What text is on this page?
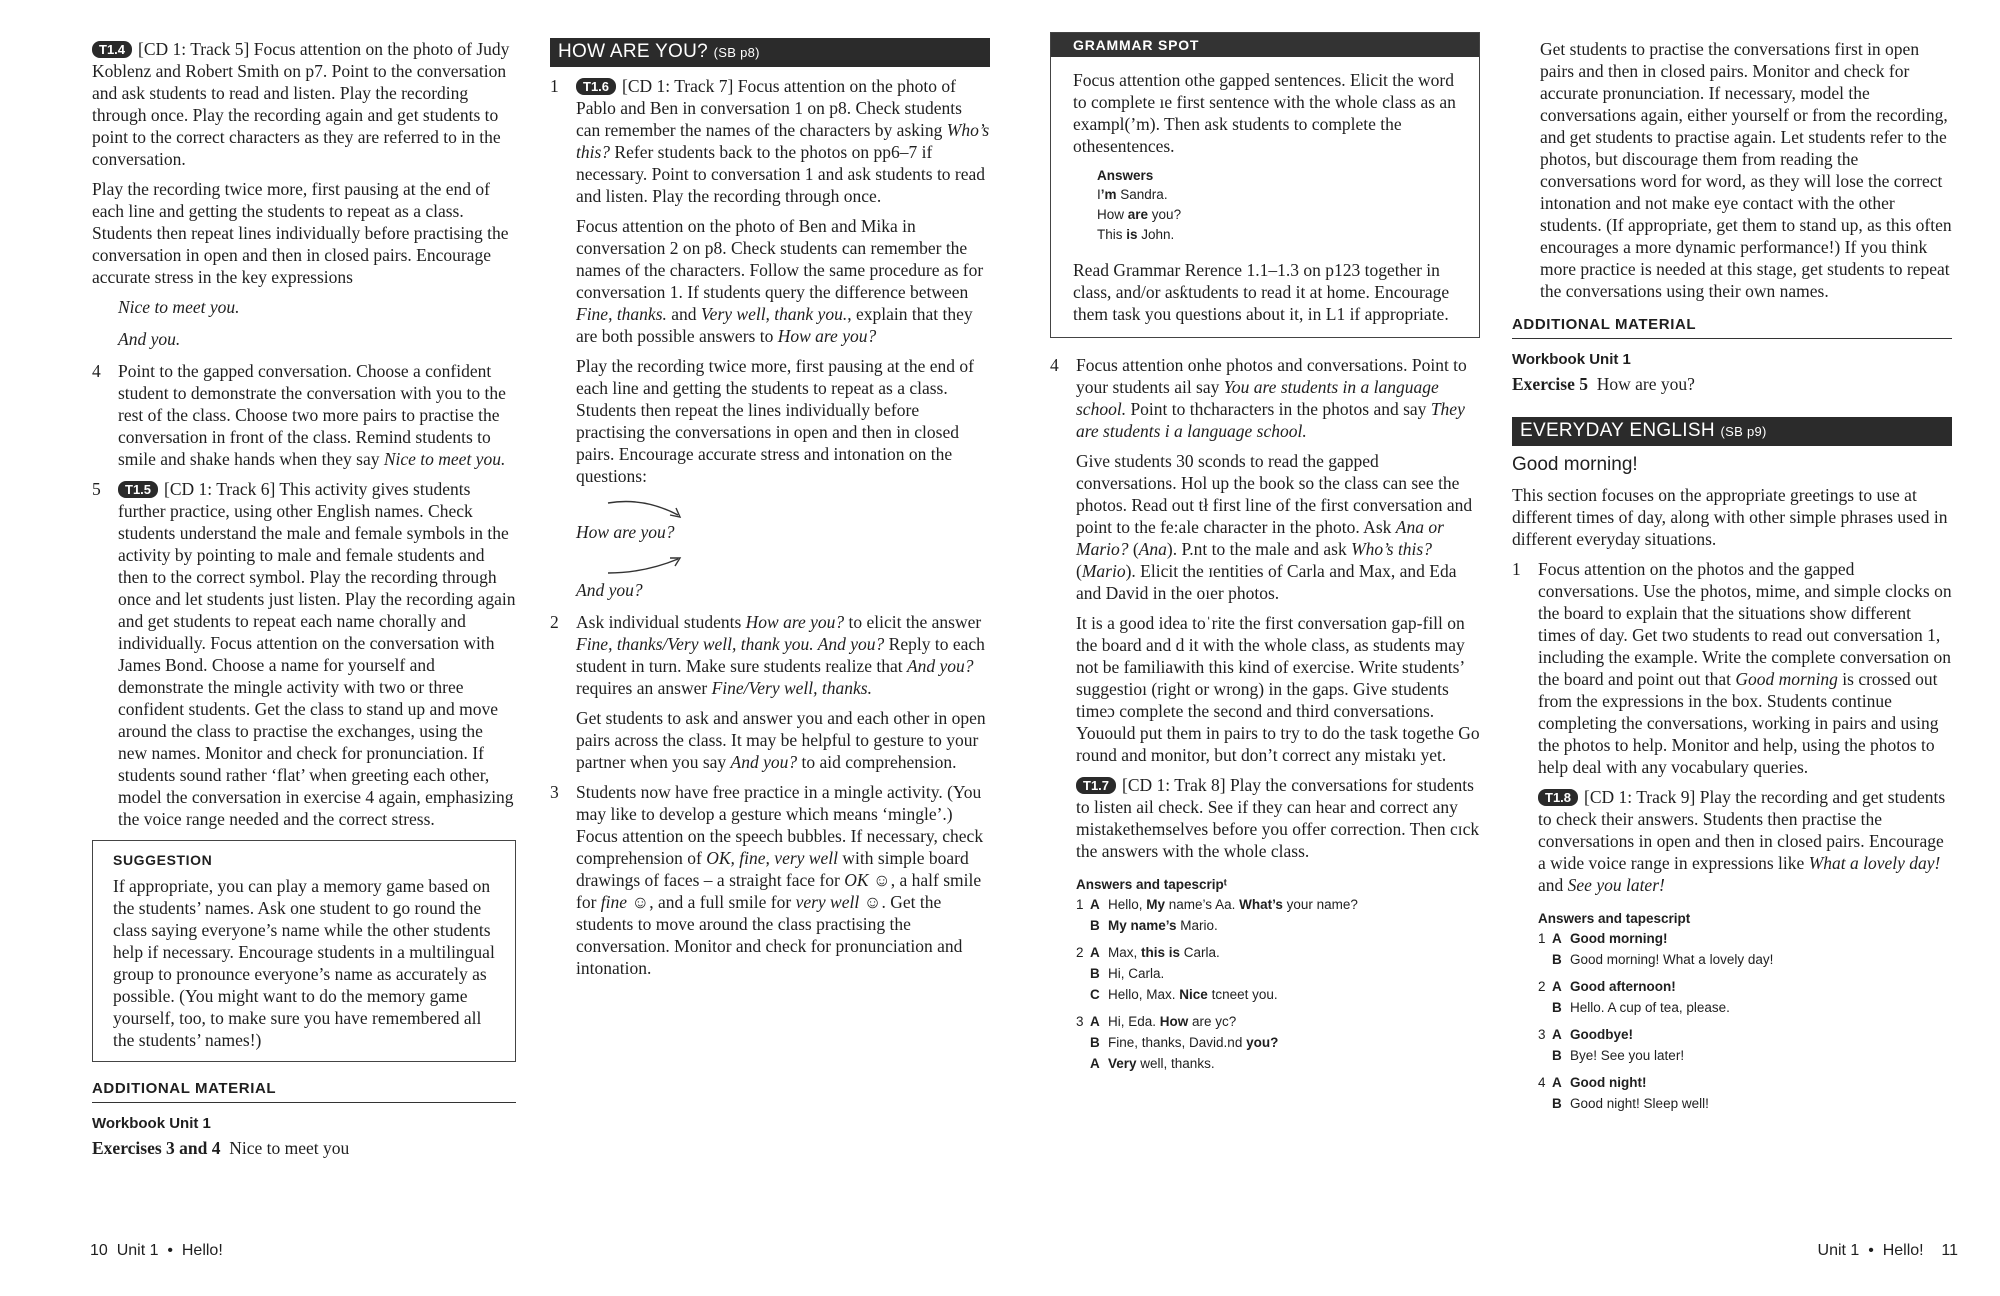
T1.4 [CD 1: Track 5] Focus attention on the photo of Judy Koblenz and Robert Smith on p7. Point to the conversation and ask students to read and listen. Play the recording through once. Play the recording again and get students to point to the correct characters as they are referred to in the conversation.

Play the recording twice more, first pausing at the end of each line and getting the students to repeat as a class. Students then repeat lines individually before practising the conversation in open and then in closed pairs. Encourage accurate stress in the key expressions

Nice to meet you.
And you.
4 Point to the gapped conversation. Choose a confident student to demonstrate the conversation with you to the rest of the class. Choose two more pairs to practise the conversation in front of the class. Remind students to smile and shake hands when they say Nice to meet you.
5 T1.5 [CD 1: Track 6] This activity gives students further practice, using other English names. Check students understand the male and female symbols in the activity by pointing to male and female students and then to the correct symbol. Play the recording through once and let students just listen. Play the recording again and get students to repeat each name chorally and individually. Focus attention on the conversation with James Bond. Choose a name for yourself and demonstrate the mingle activity with two or three confident students. Get the class to stand up and move around the class to practise the exchanges, using the new names. Monitor and check for pronunciation. If students sound rather ‘flat’ when greeting each other, model the conversation in exercise 4 again, emphasizing the voice range needed and the correct stress.
SUGGESTION
If appropriate, you can play a memory game based on the students’ names. Ask one student to go round the class saying everyone’s name while the other students help if necessary. Encourage students in a multilingual group to pronounce everyone’s name as accurately as possible. (You might want to do the memory game yourself, too, to make sure you have remembered all the students’ names!)
ADDITIONAL MATERIAL
Workbook Unit 1
Exercises 3 and 4 Nice to meet you
HOW ARE YOU? (SB p8)
1 T1.6 [CD 1: Track 7] Focus attention on the photo of Pablo and Ben in conversation 1 on p8. Check students can remember the names of the characters by asking Who’s this? Refer students back to the photos on pp6–7 if necessary. Point to conversation 1 and ask students to read and listen. Play the recording through once.

Focus attention on the photo of Ben and Mika in conversation 2 on p8. Check students can remember the names of the characters. Follow the same procedure as for conversation 1. If students query the difference between Fine, thanks. and Very well, thank you., explain that they are both possible answers to How are you?

Play the recording twice more, first pausing at the end of each line and getting the students to repeat as a class. Students then repeat the lines individually before practising the conversations in open and then in closed pairs. Encourage accurate stress and intonation on the questions:

How are you?
And you?
2 Ask individual students How are you? to elicit the answer Fine, thanks/Very well, thank you. And you? Reply to each student in turn. Make sure students realize that And you? requires an answer Fine/Very well, thanks.

Get students to ask and answer you and each other in open pairs across the class. It may be helpful to gesture to your partner when you say And you? to aid comprehension.

3 Students now have free practice in a mingle activity. (You may like to develop a gesture which means ‘mingle’.) Focus attention on the speech bubbles. If necessary, check comprehension of OK, fine, very well with simple board drawings of faces – a straight face for OK ☺, a half smile for fine ☺, and a full smile for very well ☺. Get the students to move around the class practising the conversation. Monitor and check for pronunciation and intonation.
GRAMMAR SPOT

Focus attention othe gapped sentences. Elicit the word to complete ıe first sentence with the whole class as an exampl(’m). Then ask students to complete the othesentences.

Answers
I’m Sandra.
How are you?
This is John.

Read Grammar Rerence 1.1–1.3 on p123 together in class, and/or asƙtudents to read it at home. Encourage them task you questions about it, in L1 if appropriate.

4 Focus attention onhe photos and conversations. Point to your students ail say You are students in a language school. Point to thcharacters in the photos and say They are students i a language school.

Give students 30 sconds to read the gapped conversations. Hol up the book so the class can see the photos. Read out tł first line of the first conversation and point to the fe:ale character in the photo. Ask Ana or Mario? (Ana). P.nt to the male and ask Who’s this? (Mario). Elicit the ɪentities of Carla and Max, and Eda and David in the oıer photos.

It is a good idea toˈrite the first conversation gap-fill on the board and d it with the whole class, as students may not be familiawith this kind of exercise. Write students’ suggestioı (right or wrong) in the gaps. Give students timeɔ complete the second and third conversations. Youould put them in pairs to try to do the task togethe Go round and monitor, but don’t correct any mistakı yet.

T1.7 [CD 1: Trak 8] Play the conversations for students to listen ail check. See if they can hear and correct any mistakethemselves before you offer correction. Then cɪck the answers with the whole class.

Answers and tapescripᵗ
1 A Hello, My name’s Aa. What’s your name?
B My name’s Mario.
2 A Max, this is Carla.
B Hi, Carla.
C Hello, Max. Nice tcneet you.
3 A Hi, Eda. How are yc?
B Fine, thanks, David.nd you?
A Very well, thanks.

Get students to practise the conversations first in open pairs and then in closed pairs. Monitor and check for accurate pronunciation. If necessary, model the conversations again, either yourself or from the recording, and get students to practise again. Let students refer to the photos, but discourage them from reading the conversations word for word, as they will lose the correct intonation and not make eye contact with the other students. (If appropriate, get them to stand up, as this often encourages a more dynamic performance!) If you think more practice is needed at this stage, get students to repeat the conversations using their own names.

ADDITIONAL MATERIAL
Workbook Unit 1
Exercise 5 How are you?
EVERYDAY ENGLISH (SB p9)
Good morning!

This section focuses on the appropriate greetings to use at different times of day, along with other simple phrases used in different everyday situations.

1 Focus attention on the photos and the gapped conversations. Use the photos, mime, and simple clocks on the board to explain that the situations show different times of day. Get two students to read out conversation 1, including the example. Write the complete conversation on the board and point out that Good morning is crossed out from the expressions in the box. Students continue completing the conversations, working in pairs and using the photos to help. Monitor and help, using the photos to help deal with any vocabulary queries.

T1.8 [CD 1: Track 9] Play the recording and get students to check their answers. Students then practise the conversations in open and then in closed pairs. Encourage a wide voice range in expressions like What a lovely day! and See you later!

Answers and tapescript
1 A Good morning!
B Good morning! What a lovely day!
2 A Good afternoon!
B Hello. A cup of tea, please.
3 A Goodbye!
B Bye! See you later!
4 A Good night!
B Good night! Sleep well!
10  Unit 1  •  Hello!	Unit 1  •  Hello!    11
